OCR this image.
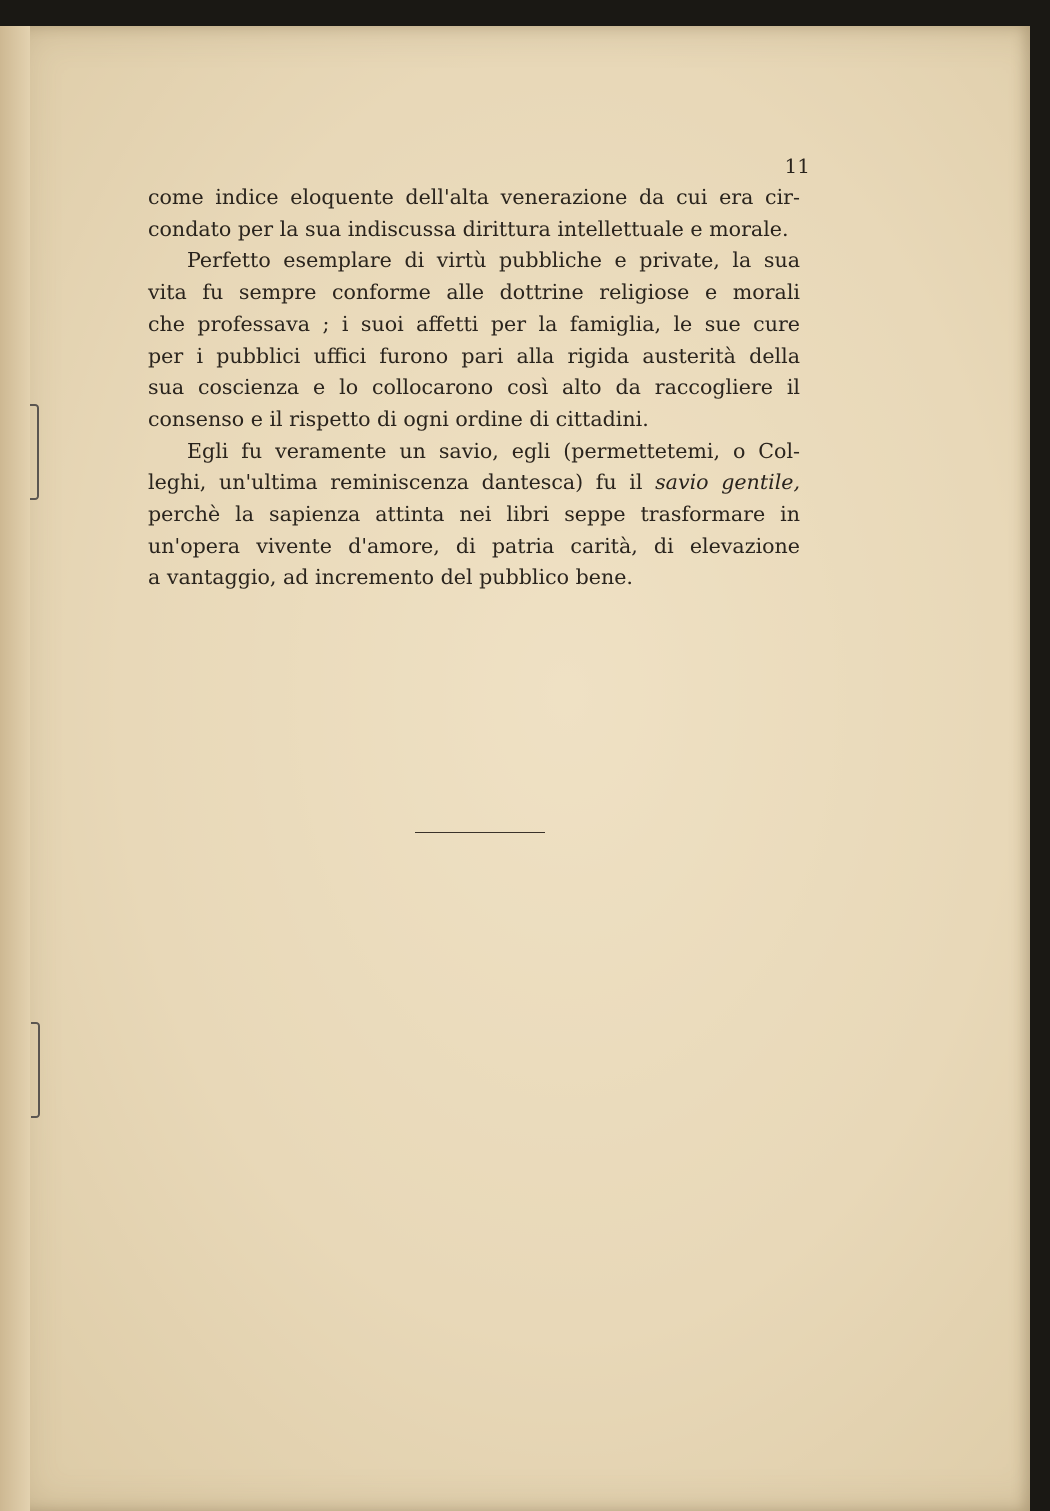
11

come indice eloquente dell'alta venerazione da cui era cir-
condato per la sua indiscussa dirittura intellettuale e morale.

Perfetto esemplare di virtù pubbliche e private, la sua
vita fu sempre conforme alle dottrine religiose e morali
che professava ; i suoi affetti per la famiglia, le sue cure
per i pubblici uffici furono pari alla rigida austerità della
sua coscienza e lo collocarono così alto da raccogliere il
consenso e il rispetto di ogni ordine di cittadini.

Egli fu veramente un savio, egli (permettetemi, o Col-
leghi, un'ultima reminiscenza dantesca) fu il savio gentile,
perchè la sapienza attinta nei libri seppe trasformare in
un'opera vivente d'amore, di patria carità, di elevazione
a vantaggio, ad incremento del pubblico bene.
